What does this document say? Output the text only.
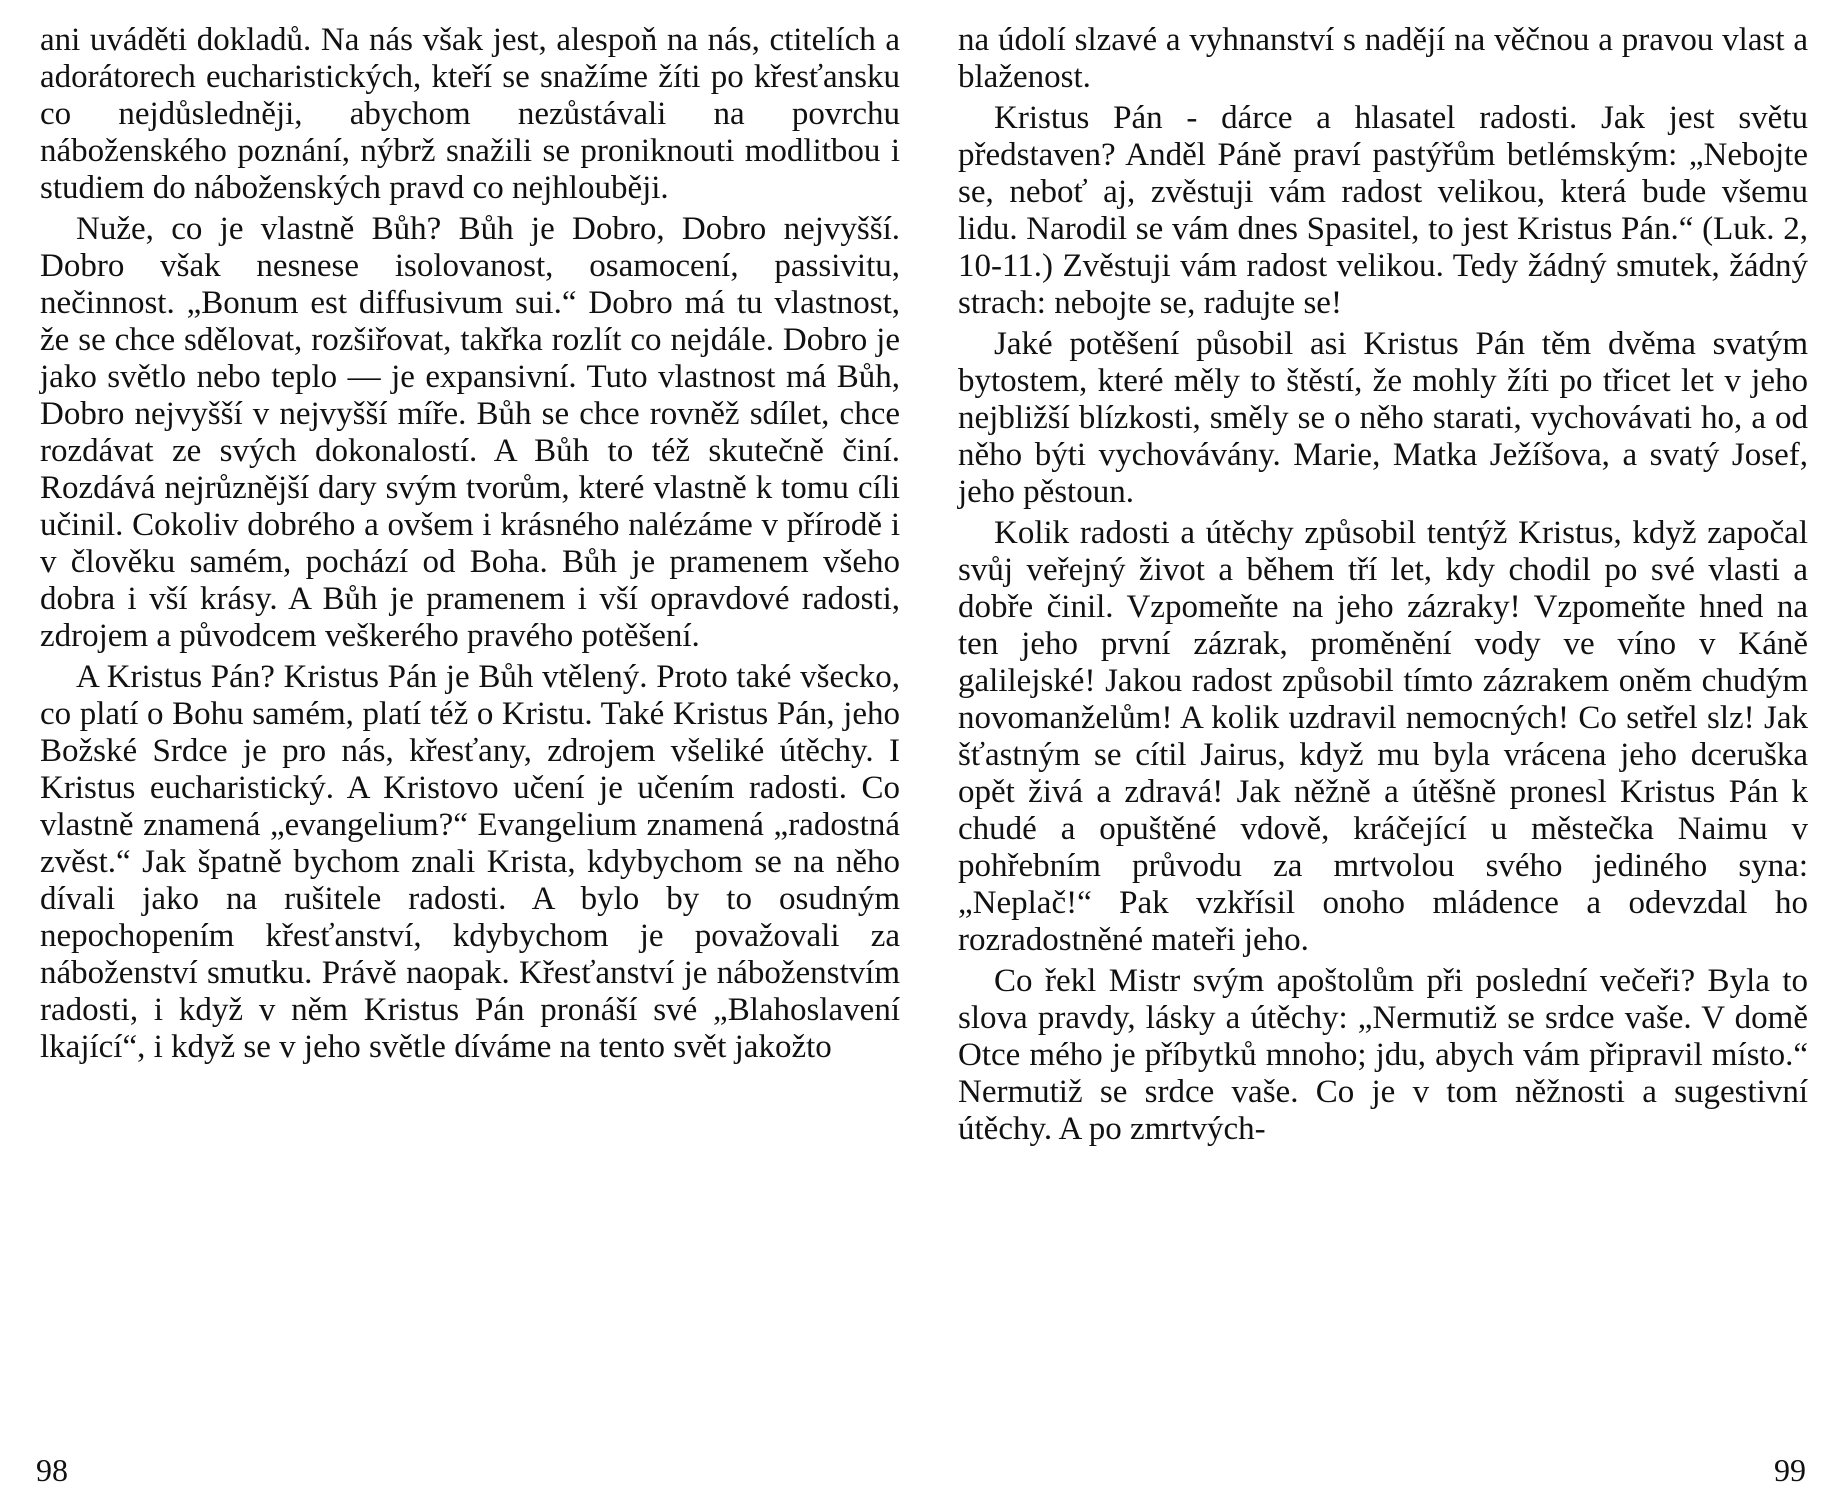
ani uváděti dokladů. Na nás však jest, alespoň na nás, ctitelích a adorátorech eucharistických, kteří se snažíme žíti po křesťansku co nejdůsledněji, abychom nezůstávali na povrchu náboženského poznání, nýbrž snažili se proniknouti modlitbou i studiem do náboženských pravd co nejhlouběji.

Nuže, co je vlastně Bůh? Bůh je Dobro, Dobro nejvyšší. Dobro však nesnese isolovanost, osamocení, passivitu, nečinnost. „Bonum est diffusivum sui.“ Dobro má tu vlastnost, že se chce sdělovat, rozšiřovat, takřka rozlít co nejdále. Dobro je jako světlo nebo teplo — je expansivní. Tuto vlastnost má Bůh, Dobro nejvyšší v nejvyšší míře. Bůh se chce rovněž sdílet, chce rozdávat ze svých dokonalostí. A Bůh to též skutečně činí. Rozdává nejrůznější dary svým tvorům, které vlastně k tomu cíli učinil. Cokoliv dobrého a ovšem i krásného nalézáme v přírodě i v člověku samém, pochází od Boha. Bůh je pramenem všeho dobra i vší krásy. A Bůh je pramenem i vší opravdové radosti, zdrojem a původcem veškerého pravého potěšení.

A Kristus Pán? Kristus Pán je Bůh vtělený. Proto také všecko, co platí o Bohu samém, platí též o Kristu. Také Kristus Pán, jeho Božské Srdce je pro nás, křesťany, zdrojem všeliké útěchy. I Kristus eucharistický. A Kristovo učení je učením radosti. Co vlastně znamená „evangelium?“ Evangelium znamená „radostná zvěst.“ Jak špatně bychom znali Krista, kdybychom se na něho dívali jako na rušitele radosti. A bylo by to osudným nepochopením křesťanství, kdybychom je považovali za náboženství smutku. Právě naopak. Křesťanství je náboženstvím radosti, i když v něm Kristus Pán pronáší své „Blahoslavení lkající“, i když se v jeho světle díváme na tento svět jakožto

98

na údolí slzavé a vyhnanství s nadějí na věčnou a pravou vlast a blaženost.

Kristus Pán - dárce a hlasatel radosti. Jak jest světu představen? Anděl Páně praví pastýřům betlémským: „Nebojte se, neboť aj, zvěstuji vám radost velikou, která bude všemu lidu. Narodil se vám dnes Spasitel, to jest Kristus Pán.“ (Luk. 2, 10-11.) Zvěstuji vám radost velikou. Tedy žádný smutek, žádný strach: nebojte se, radujte se!

Jaké potěšení působil asi Kristus Pán těm dvěma svatým bytostem, které měly to štěstí, že mohly žíti po třicet let v jeho nejbližší blízkosti, směly se o něho starati, vychovávati ho, a od něho býti vychovávány. Marie, Matka Ježíšova, a svatý Josef, jeho pěstoun.

Kolik radosti a útěchy způsobil tentýž Kristus, když započal svůj veřejný život a během tří let, kdy chodil po své vlasti a dobře činil. Vzpomeňte na jeho zázraky! Vzpomeňte hned na ten jeho první zázrak, proměnění vody ve víno v Káně galilejské! Jakou radost způsobil tímto zázrakem oněm chudým novomanželům! A kolik uzdravil nemocných! Co setřel slz! Jak šťastným se cítil Jairus, když mu byla vrácena jeho dceruška opět živá a zdravá! Jak něžně a útěšně pronesl Kristus Pán k chudé a opuštěné vdově, kráčející u městečka Naimu v pohřebním průvodu za mrtvolou svého jediného syna: „Neplač!“ Pak vzkřísil onoho mládence a odevzdal ho rozradostněné mateři jeho.

Co řekl Mistr svým apoštolům při poslední večeři? Byla to slova pravdy, lásky a útěchy: „Nermutiž se srdce vaše. V domě Otce mého je příbytků mnoho; jdu, abych vám připravil místo.“ Nermutiž se srdce vaše. Co je v tom něžnosti a sugestivní útěchy. A po zmrtvých-

99
